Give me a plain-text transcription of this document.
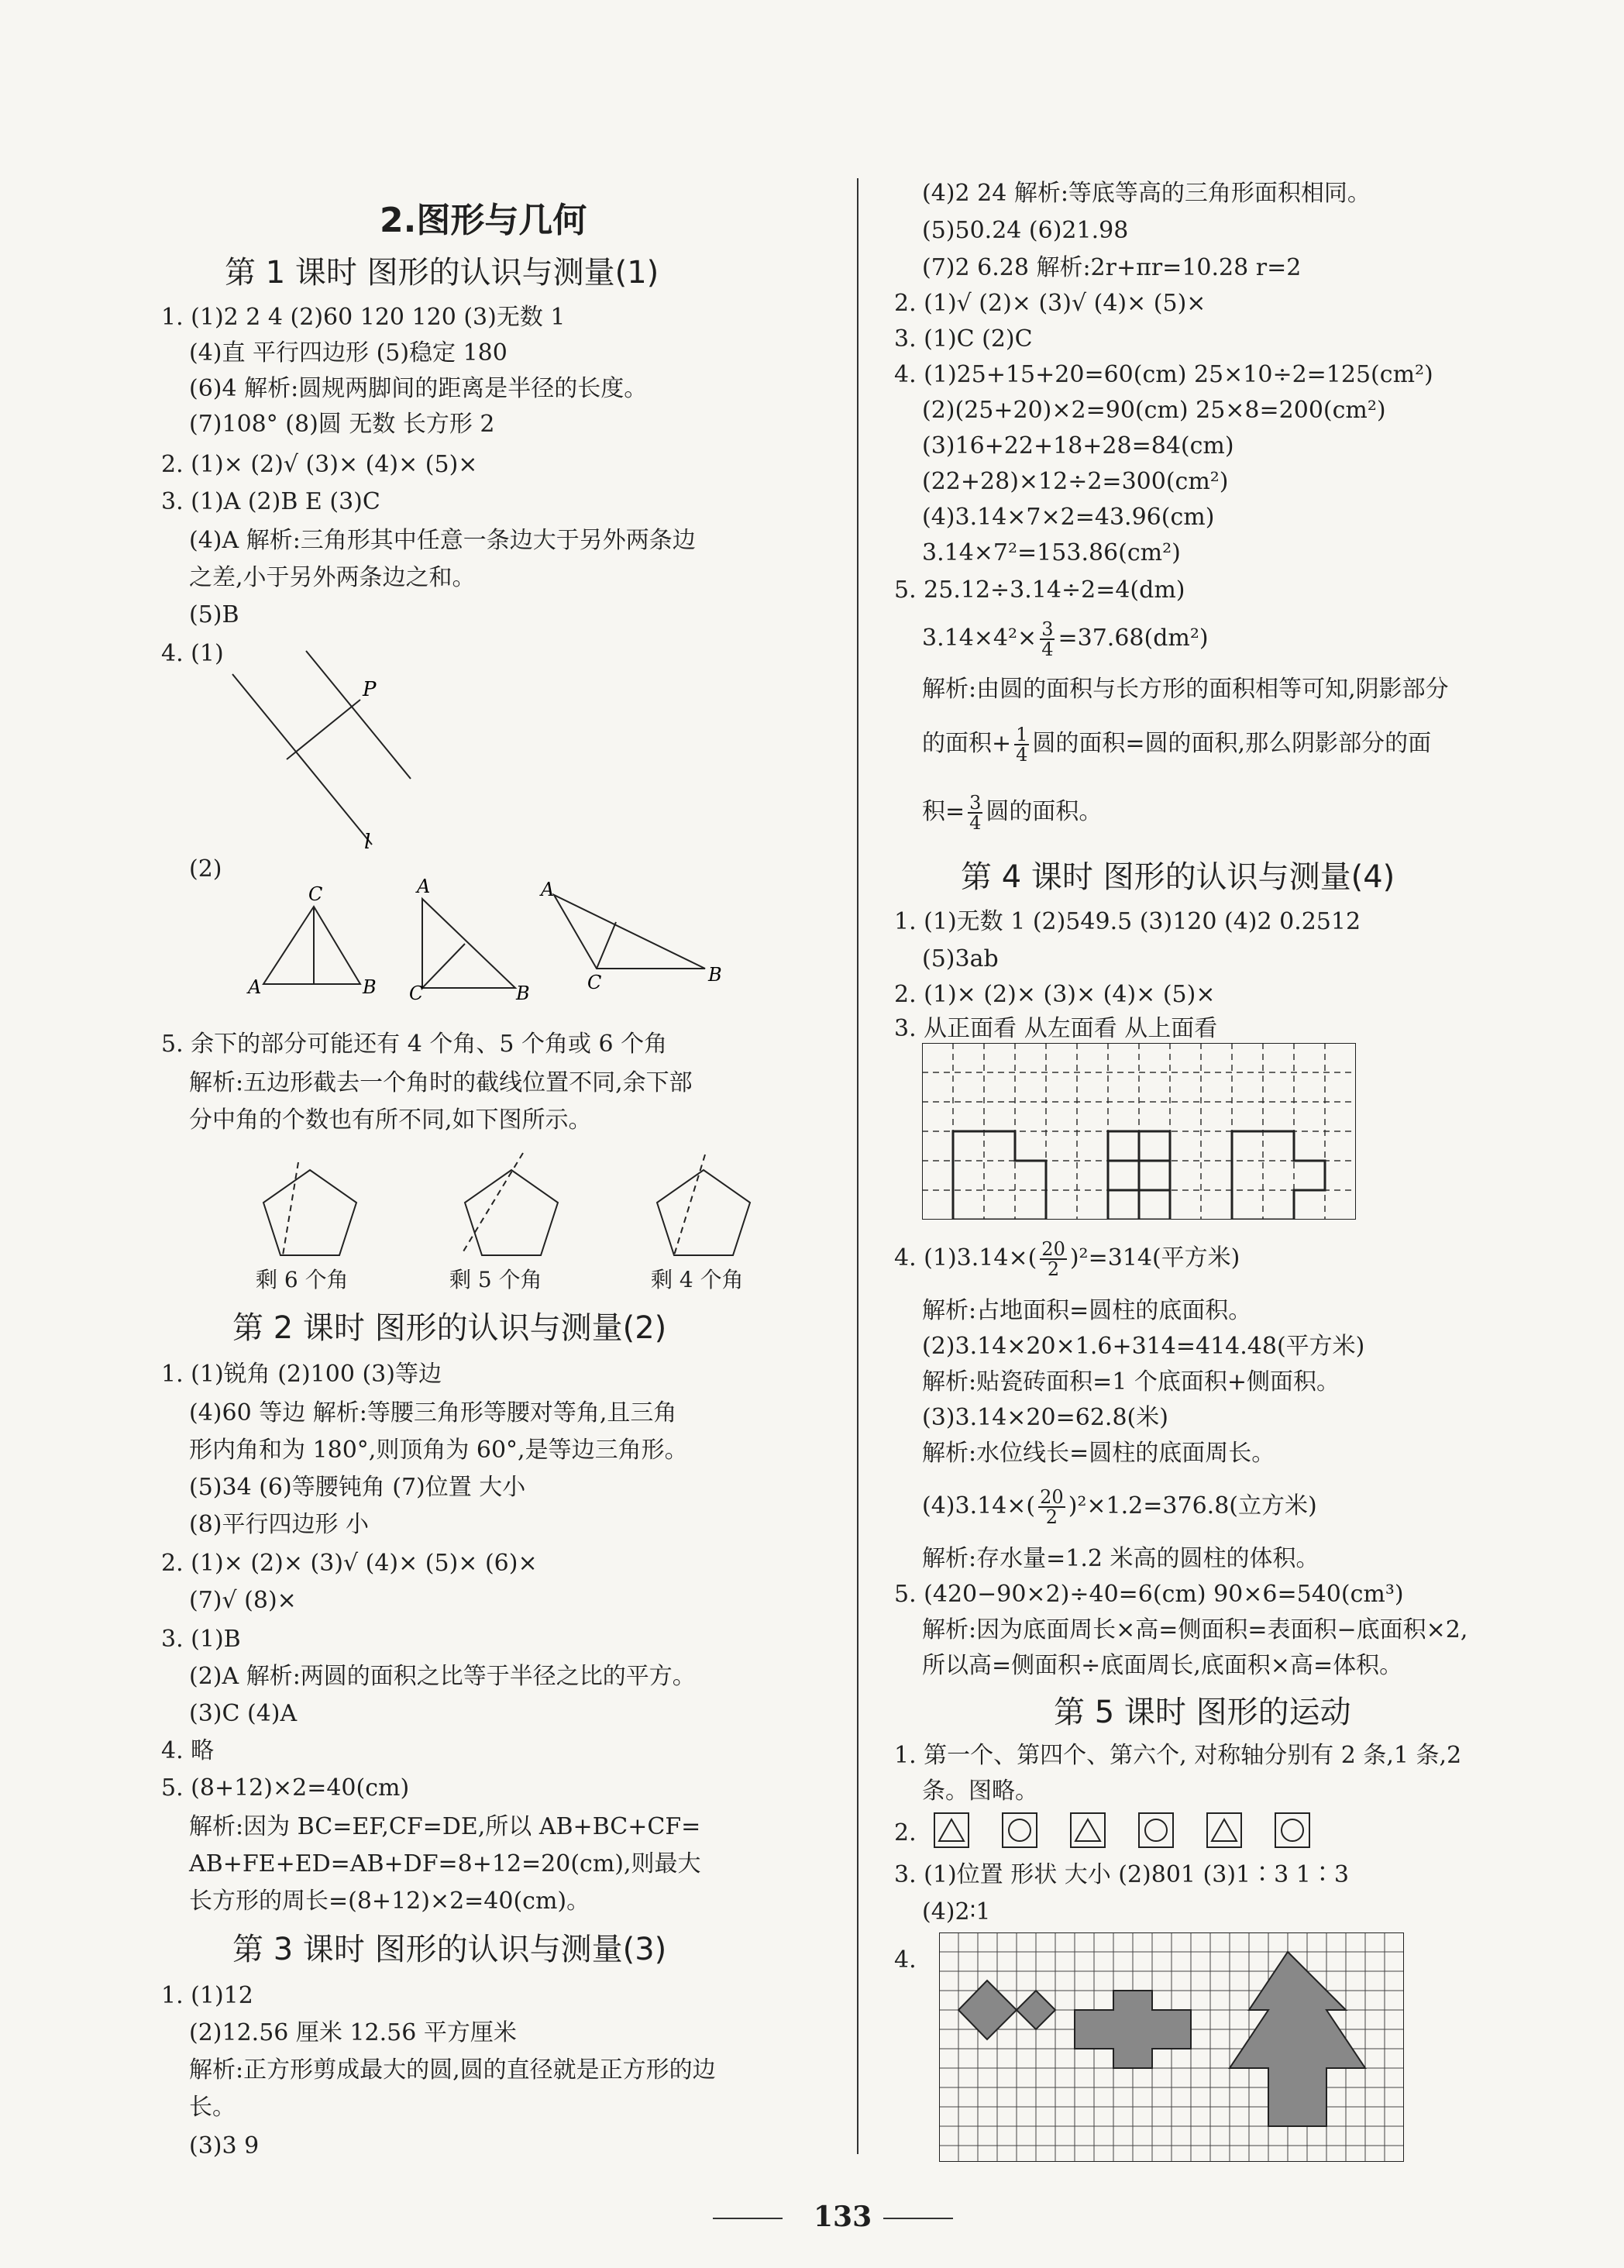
2.图形与几何
第 1 课时 图形的认识与测量(1)
1. (1)2 2 4 (2)60 120 120 (3)无数 1
(4)直 平行四边形 (5)稳定 180
(6)4 解析:圆规两脚间的距离是半径的长度。
(7)108° (8)圆 无数 长方形 2
2. (1)× (2)√ (3)× (4)× (5)×
3. (1)A (2)B E (3)C
(4)A 解析:三角形其中任意一条边大于另外两条边
之差,小于另外两条边之和。
(5)B
4. (1)
P
l
(2)
C
A	B
A
C	B
A
C	B
5. 余下的部分可能还有 4 个角、5 个角或 6 个角
解析:五边形截去一个角时的截线位置不同,余下部
分中角的个数也有所不同,如下图所示。
剩 6 个角	剩 5 个角	剩 4 个角
第 2 课时 图形的认识与测量(2)
1. (1)锐角 (2)100 (3)等边
(4)60 等边 解析:等腰三角形等腰对等角,且三角
形内角和为 180°,则顶角为 60°,是等边三角形。
(5)34 (6)等腰钝角 (7)位置 大小
(8)平行四边形 小
2. (1)× (2)× (3)√ (4)× (5)× (6)×
(7)√ (8)×
3. (1)B
(2)A 解析:两圆的面积之比等于半径之比的平方。
(3)C (4)A
4. 略
5. (8+12)×2=40(cm)
解析:因为 BC=EF,CF=DE,所以 AB+BC+CF=
AB+FE+ED=AB+DF=8+12=20(cm),则最大
长方形的周长=(8+12)×2=40(cm)。
第 3 课时 图形的认识与测量(3)
1. (1)12
(2)12.56 厘米 12.56 平方厘米
解析:正方形剪成最大的圆,圆的直径就是正方形的边
长。
(3)3 9
(4)2 24 解析:等底等高的三角形面积相同。
(5)50.24 (6)21.98
(7)2 6.28 解析:2r+πr=10.28 r=2
2. (1)√ (2)× (3)√ (4)× (5)×
3. (1)C (2)C
4. (1)25+15+20=60(cm) 25×10÷2=125(cm²)
(2)(25+20)×2=90(cm) 25×8=200(cm²)
(3)16+22+18+28=84(cm)
(22+28)×12÷2=300(cm²)
(4)3.14×7×2=43.96(cm)
3.14×7²=153.86(cm²)
5. 25.12÷3.14÷2=4(dm)
$3.14\times 4^2\times \frac{3}{4} =37.68(dm^2)$
解析:由圆的面积与长方形的面积相等可知,阴影部分
的面积+ $\frac{1}{4}$ 圆的面积=圆的面积,那么阴影部分的面
积= $\frac{3}{4}$ 圆的面积。
第 4 课时 图形的认识与测量(4)
1. (1)无数 1 (2)549.5 (3)120 (4)2 0.2512
(5)3ab
2. (1)× (2)× (3)× (4)× (5)×
3. 从正面看 从左面看 从上面看
4. $(1)3.14\times( \frac{20}{2} )^2=314$(平方米)
解析:占地面积=圆柱的底面积。
(2)3.14×20×1.6+314=414.48(平方米)
解析:贴瓷砖面积=1 个底面积+侧面积。
(3)3.14×20=62.8(米)
解析:水位线长=圆柱的底面周长。
$(4)3.14\times( \frac{20}{2} )^2\times 1.2=376.8$(立方米)
解析:存水量=1.2 米高的圆柱的体积。
5. (420−90×2)÷40=6(cm) 90×6=540(cm³)
解析:因为底面周长×高=侧面积=表面积−底面积×2,
所以高=侧面积÷底面周长,底面积×高=体积。
第 5 课时 图形的运动
1. 第一个、第四个、第六个, 对称轴分别有 2 条,1 条,2
条。图略。
2.
3. (1)位置 形状 大小 (2)801 (3)1∶3 1∶3
(4)2∶1
4.
133
